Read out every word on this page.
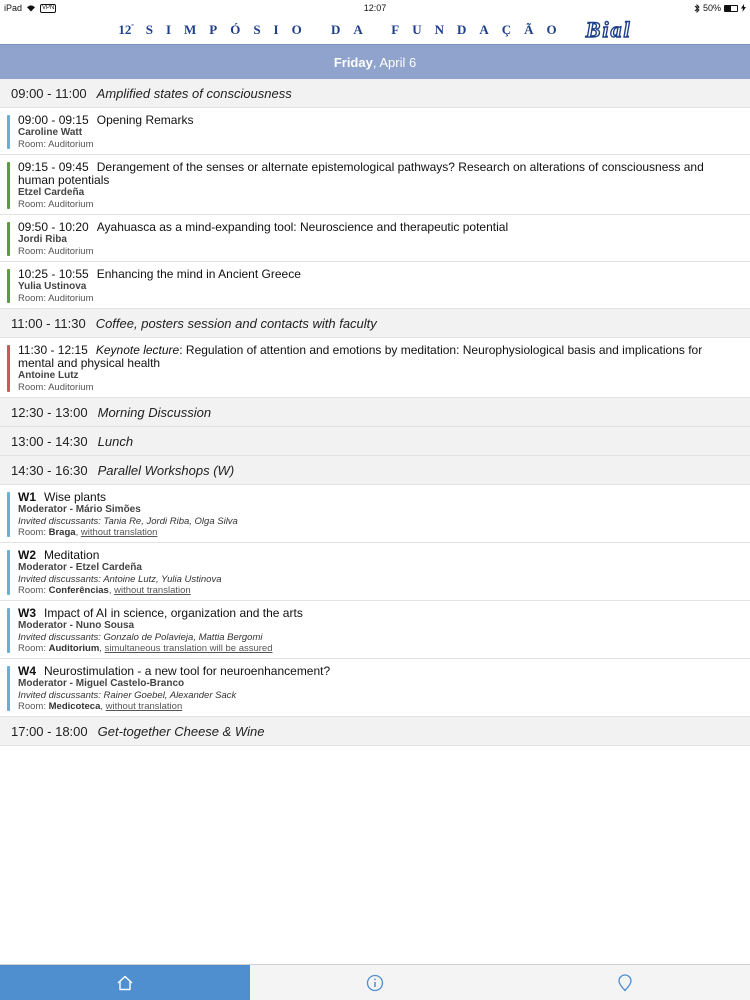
iPad	VPN	12:07	50%
$12^º$ SIMPÓSIO DA FUNDAÇÃO Bial
Friday , April 6
09:00 - 11:00 Amplified states of consciousness
09:00 - 09:15 Opening Remarks
Caroline Watt
Room: Auditorium
09:15 - 09:45 Derangement of the senses or alternate epistemological pathways? Research on alterations of consciousness and human potentials
Etzel Cardeña
Room: Auditorium
09:50 - 10:20 Ayahuasca as a mind-expanding tool: Neuroscience and therapeutic potential
Jordi Riba
Room: Auditorium
10:25 - 10:55 Enhancing the mind in Ancient Greece
Yulia Ustinova
Room: Auditorium
11:00 - 11:30 Coffee, posters session and contacts with faculty
11:30 - 12:15 Keynote lecture: Regulation of attention and emotions by meditation: Neurophysiological basis and implications for mental and physical health
Antoine Lutz
Room: Auditorium
12:30 - 13:00 Morning Discussion
13:00 - 14:30 Lunch
14:30 - 16:30 Parallel Workshops (W)
W1 Wise plants
Moderator - Mário Simões
Invited discussants: Tania Re, Jordi Riba, Olga Silva
Room: Braga, without translation
W2 Meditation
Moderator - Etzel Cardeña
Invited discussants: Antoine Lutz, Yulia Ustinova
Room: Conferências, without translation
W3 Impact of AI in science, organization and the arts
Moderator - Nuno Sousa
Invited discussants: Gonzalo de Polavieja, Mattia Bergomi
Room: Auditorium, simultaneous translation will be assured
W4 Neurostimulation - a new tool for neuroenhancement?
Moderator - Miguel Castelo-Branco
Invited discussants: Rainer Goebel, Alexander Sack
Room: Medicoteca, without translation
17:00 - 18:00 Get-together Cheese & Wine
